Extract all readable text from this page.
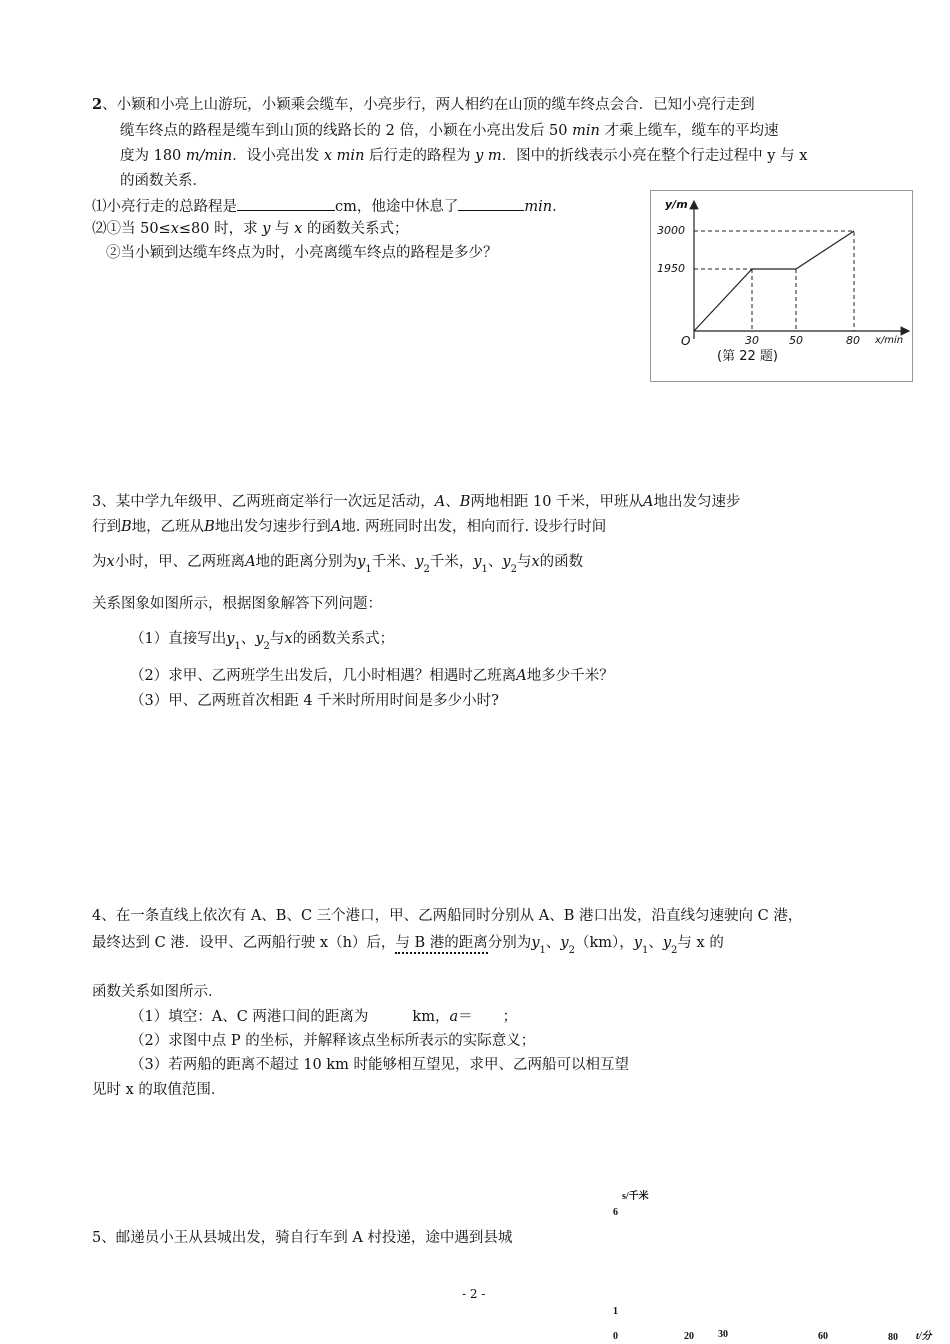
2、小颖和小亮上山游玩，小颖乘会缆车，小亮步行，两人相约在山顶的缆车终点会合．已知小亮行走到
缆车终点的路程是缆车到山顶的线路长的 2 倍，小颖在小亮出发后 50 min 才乘上缆车，缆车的平均速
度为 180 m/min．设小亮出发 x min 后行走的路程为 y m．图中的折线表示小亮在整个行走过程中 y 与 x
的函数关系．
⑴小亮行走的总路程是	cm，他途中休息了	min．
⑵①当 50≤x≤80 时，求 y 与 x 的函数关系式；
②当小颖到达缆车终点为时，小亮离缆车终点的路程是多少？
y/m
3000
1950
O	30	50	80 x/min
(第 22 题)
3、某中学九年级甲、乙两班商定举行一次远足活动，A、B两地相距 10 千米，甲班从A地出发匀速步
行到B地，乙班从B地出发匀速步行到A地. 两班同时出发，相向而行. 设步行时间
为x小时，甲、乙两班离A地的距离分别为$y_1$千米、$y_2$千米，$y_1$、$y_2$与x的函数
关系图象如图所示，根据图象解答下列问题：
（1）直接写出$y_1$、$y_2$与x的函数关系式；
（2）求甲、乙两班学生出发后，几小时相遇？相遇时乙班离A地多少千米？
（3）甲、乙两班首次相距 4 千米时所用时间是多少小时?
4、在一条直线上依次有 A、B、C 三个港口，甲、乙两船同时分别从 A、B 港口出发，沿直线匀速驶向 C 港，
最终达到 C 港．设甲、乙两船行驶 x（h）后，与 B 港的距离分别为$y_1$、$y_2(km)$，$y_1$、$y_2$与 x 的
函数关系如图所示．
（1）填空：A、C 两港口间的距离为	km，a＝ ；
（2）求图中点 P 的坐标，并解释该点坐标所表示的实际意义；
（3）若两船的距离不超过 10 km 时能够相互望见，求甲、乙两船可以相互望
见时 x 的取值范围．
5、邮递员小王从县城出发，骑自行车到 A 村投递，途中遇到县城
s/千米
6
1
0	20 30	60	80 t/分
- 2 -
